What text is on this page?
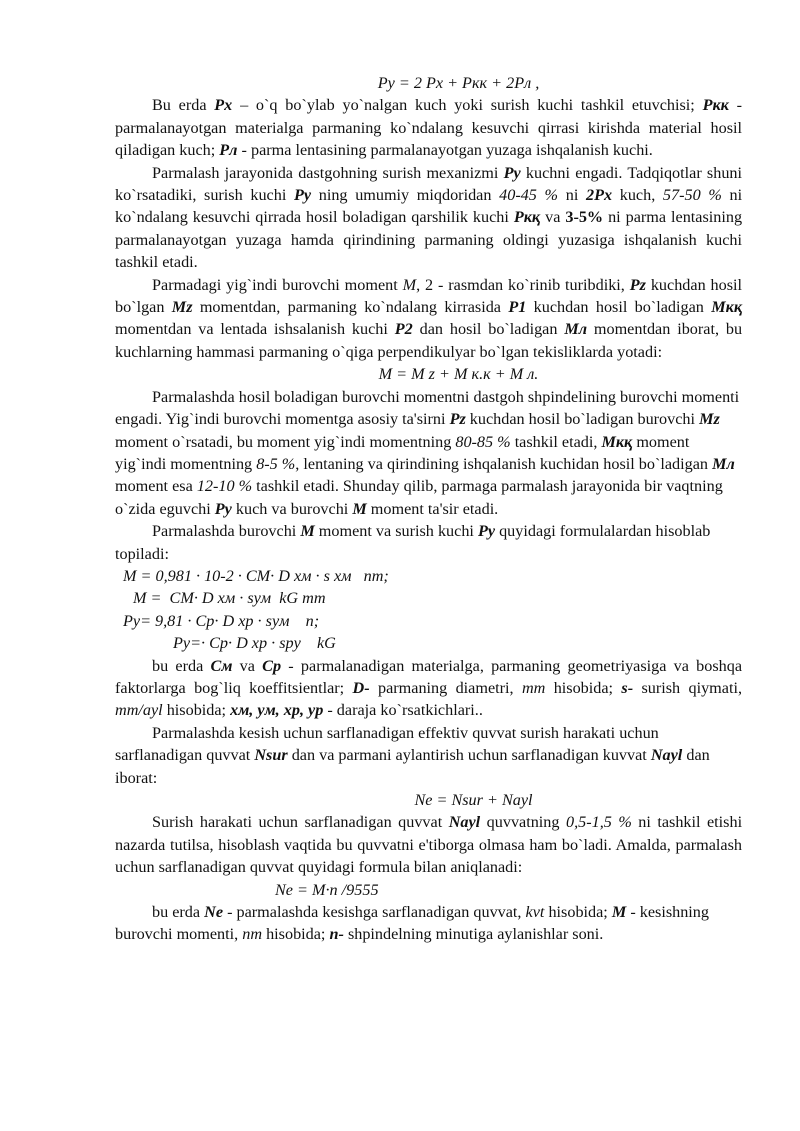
Pу = 2 Px + Pкк + 2Pл ,

Bu erda Px – o`q bo`ylab yo`nalgan kuch yoki surish kuchi tashkil etuvchisi; Pкк - parmalanayotgan materialga parmaning ko`ndalang kesuvchi qirrasi kirishda material hosil qiladigan kuch; Pл - parma lentasining parmalanayotgan yuzaga ishqalanish kuchi.

Parmalash jarayonida dastgohning surish mexanizmi Py kuchni engadi. Tadqiqotlar shuni ko`rsatadiki, surish kuchi Py ning umumiy miqdoridan 40-45 % ni 2Px kuch, 57-50 % ni ko`ndalang kesuvchi qirrada hosil boladigan qarshilik kuchi Pкқ va 3-5% ni parma lentasining parmalanayotgan yuzaga hamda qirindining parmaning oldingi yuzasiga ishqalanish kuchi tashkil etadi.

Parmadagi yig`indi burovchi moment M, 2 - rasmdan ko`rinib turibdiki, Pz kuchdan hosil bo`lgan Mz momentdan, parmaning ko`ndalang kirrasida P1 kuchdan hosil bo`ladigan Mкқ momentdan va lentada ishsalanish kuchi P2 dan hosil bo`ladigan Mл momentdan iborat, bu kuchlarning hammasi parmaning o`qiga perpendikulyar bo`lgan tekisliklarda yotadi:

M = M z + M к.к + M л.

Parmalashda hosil boladigan burovchi momentni dastgoh shpindelining burovchi momenti engadi. Yig`indi burovchi momentga asosiy ta'sirni Pz kuchdan hosil bo`ladigan burovchi Mz moment o`rsatadi, bu moment yig`indi momentning 80-85 % tashkil etadi, Mкқ moment yig`indi momentning 8-5 %, lentaning va qirindining ishqalanish kuchidan hosil bo`ladigan Mл moment esa 12-10 % tashkil etadi. Shunday qilib, parmaga parmalash jarayonida bir vaqtning o`zida eguvchi Py kuch va burovchi M moment ta'sir etadi.

Parmalashda burovchi M moment va surish kuchi Py quyidagi formulalardan hisoblab topiladi:

M = 0,981 · 10-2 · CM· D xм · s xм   nm;

M =  CM· D xм · syм  kG mm

Py= 9,81 · Cp· D xp · syм    n;

Py=· Cp· D xp · spy    kG

bu erda Cм va Cp - parmalanadigan materialga, parmaning geometriyasiga va boshqa faktorlarga bog`liq koeffitsientlar; D- parmaning diametri, mm hisobida; s- surish qiymati, mm/ayl hisobida; xм, yм, xp, yp - daraja ko`rsatkichlari..

Parmalashda kesish uchun sarflanadigan effektiv quvvat surish harakati uchun sarflanadigan quvvat Nsur dan va parmani aylantirish uchun sarflanadigan kuvvat Nayl dan iborat:

Ne = Nsur + Nayl

Surish harakati uchun sarflanadigan quvvat Nayl quvvatning 0,5-1,5 % ni tashkil etishi nazarda tutilsa, hisoblash vaqtida bu quvvatni e'tiborga olmasa ham bo`ladi. Amalda, parmalash uchun sarflanadigan quvvat quyidagi formula bilan aniqlanadi:

Ne = M·n /9555

bu erda Ne - parmalashda kesishga sarflanadigan quvvat, kvt hisobida; M - kesishning burovchi momenti, nm hisobida; n- shpindelning minutiga aylanishlar soni.
